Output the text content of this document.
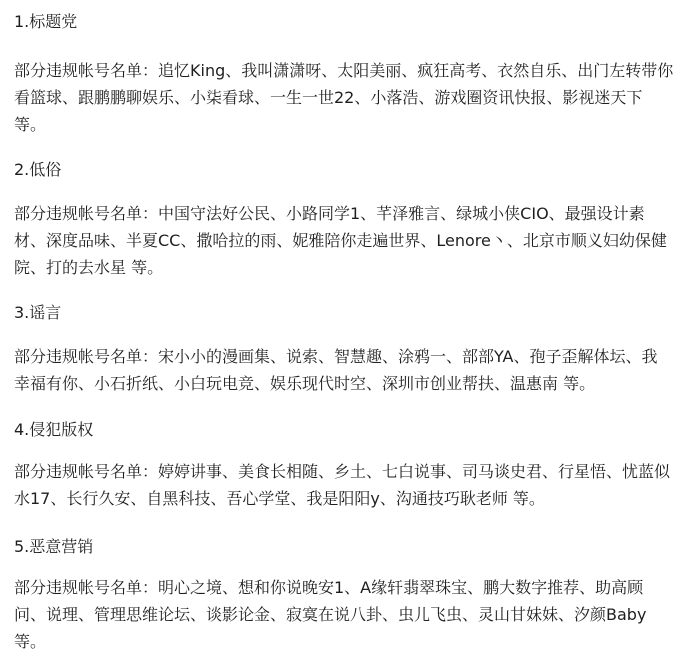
1.标题党

部分违规帐号名单：追忆King、我叫潇潇呀、太阳美丽、疯狂高考、衣然自乐、出门左转带你
看篮球、跟鹏鹏聊娱乐、小柒看球、一生一世22、小落浩、游戏圈资讯快报、影视迷天下
等。

2.低俗

部分违规帐号名单：中国守法好公民、小路同学1、芊泽雅言、绿城小侠CIO、最强设计素
材、深度品味、半夏CC、撒哈拉的雨、妮雅陪你走遍世界、Lenore丶、北京市顺义妇幼保健
院、打的去水星 等。

3.谣言

部分违规帐号名单：宋小小的漫画集、说索、智慧趣、涂鸦一、部部YA、孢子歪解体坛、我
幸福有你、小石折纸、小白玩电竞、娱乐现代时空、深圳市创业帮扶、温惠南 等。

4.侵犯版权

部分违规帐号名单：婷婷讲事、美食长相随、乡土、七白说事、司马谈史君、行星悟、忧蓝似
水17、长行久安、自黑科技、吾心学堂、我是阳阳y、沟通技巧耿老师 等。

5.恶意营销

部分违规帐号名单：明心之境、想和你说晚安1、A缘轩翡翠珠宝、鹏大数字推荐、助高顾
问、说理、管理思维论坛、谈影论金、寂寞在说八卦、虫儿飞虫、灵山甘妹妹、汐颜Baby
等。
